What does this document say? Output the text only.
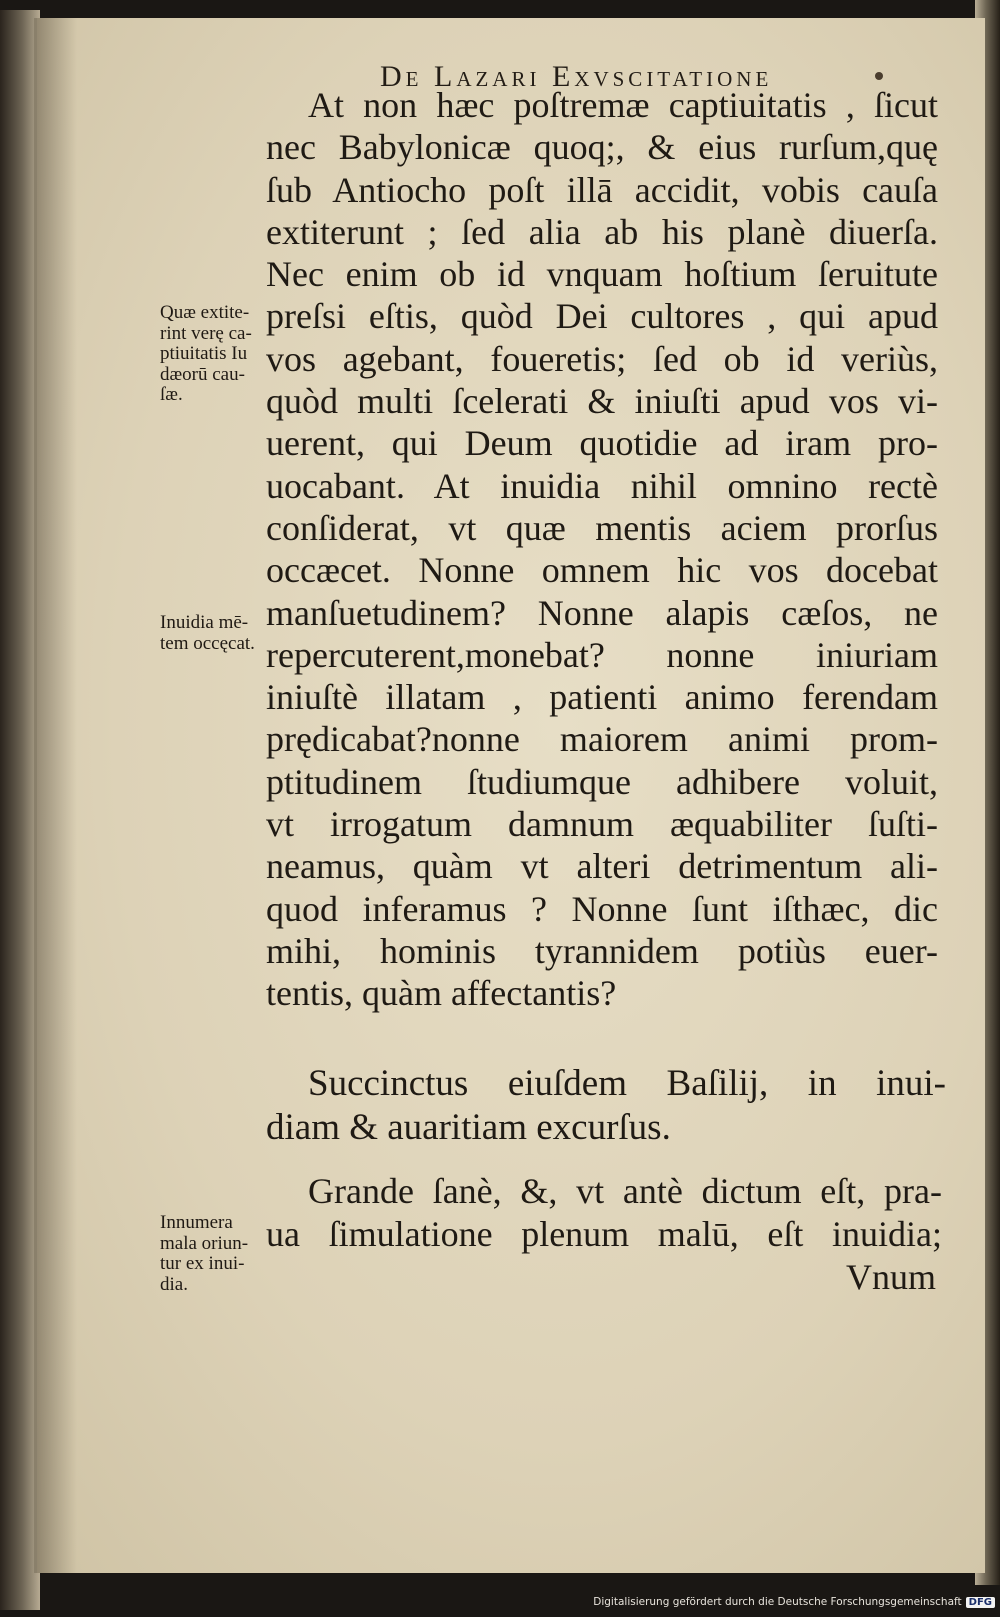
De Lazari Exvscitatione
At non hæc poſtremæ captiuitatis , ſicut
nec Babylonicæ quoq;, & eius rurſum,quę
ſub Antiocho poſt illā accidit, vobis cauſa
extiterunt ; ſed alia ab his planè diuerſa.
Nec enim ob id vnquam hoſtium ſeruitute
preſsi eſtis, quòd Dei cultores , qui apud
vos agebant, foueretis; ſed ob id veriùs,
quòd multi ſcelerati & iniuſti apud vos vi-
uerent, qui Deum quotidie ad iram pro-
uocabant. At inuidia nihil omnino rectè
conſiderat, vt quæ mentis aciem prorſus
occæcet. Nonne omnem hic vos docebat
manſuetudinem? Nonne alapis cæſos, ne
repercuterent,monebat? nonne iniuriam
iniuſtè illatam , patienti animo ferendam
prędicabat?nonne maiorem animi prom-
ptitudinem ſtudiumque adhibere voluit,
vt irrogatum damnum æquabiliter ſuſti-
neamus, quàm vt alteri detrimentum ali-
quod inferamus ? Nonne ſunt iſthæc, dic
mihi, hominis tyrannidem potiùs euer-
tentis, quàm affectantis?
Succinctus eiuſdem Baſilij, in inui-
diam & auaritiam excurſus.
Grande ſanè, &, vt antè dictum eſt, pra-
ua ſimulatione plenum malū, eſt inuidia;
Vnum
Quæ extite-
rint verę ca-
ptiuitatis Iu
dæorū cau-
ſæ.
Inuidia mē-
tem occęcat.
Innumera
mala oriun-
tur ex inui-
dia.
Digitalisierung gefördert durch die Deutsche Forschungsgemeinschaft DFG
